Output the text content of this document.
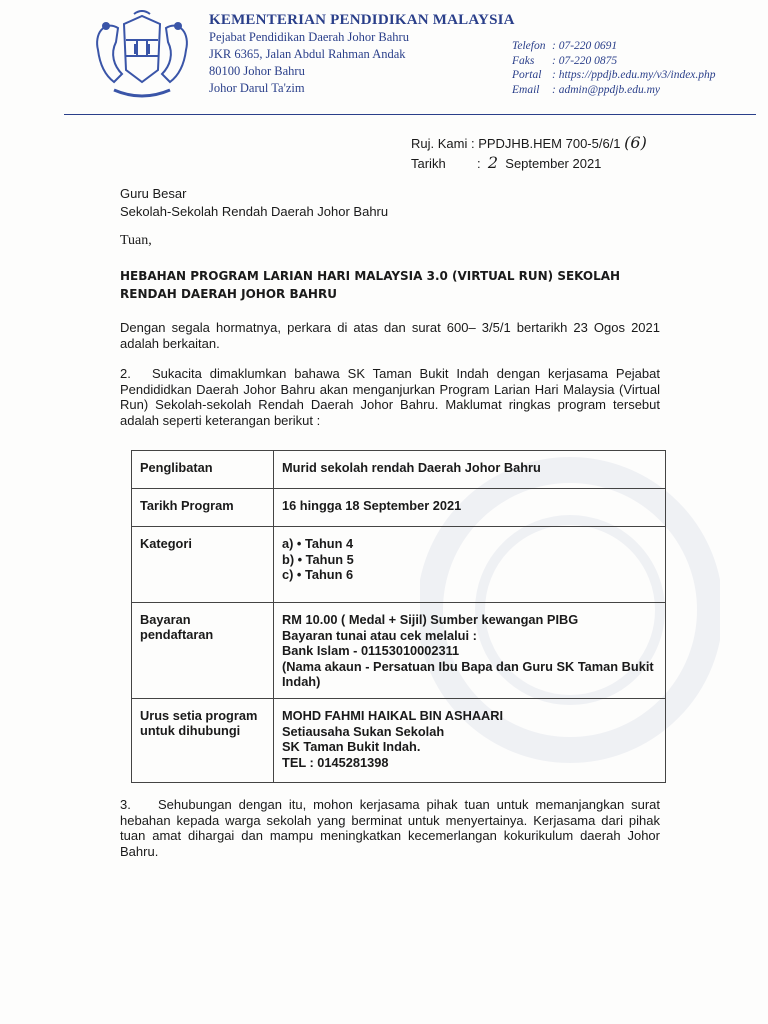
KEMENTERIAN PENDIDIKAN MALAYSIA
Pejabat Pendidikan Daerah Johor Bahru
JKR 6365, Jalan Abdul Rahman Andak
80100 Johor Bahru
Johor Darul Ta'zim
Telefon : 07-220 0691
Faks : 07-220 0875
Portal : https://ppdjb.edu.my/v3/index.php
Email : admin@ppdjb.edu.my
Ruj. Kami : PPDJHB.HEM 700-5/6/1 (6)
Tarikh : 2 September 2021
Guru Besar
Sekolah-Sekolah Rendah Daerah Johor Bahru
Tuan,
HEBAHAN PROGRAM LARIAN HARI MALAYSIA 3.0 (VIRTUAL RUN) SEKOLAH RENDAH DAERAH JOHOR BAHRU
Dengan segala hormatnya, perkara di atas dan surat 600– 3/5/1 bertarikh 23 Ogos 2021 adalah berkaitan.
2. Sukacita dimaklumkan bahawa SK Taman Bukit Indah dengan kerjasama Pejabat Pendididkan Daerah Johor Bahru akan menganjurkan Program Larian Hari Malaysia (Virtual Run) Sekolah-sekolah Rendah Daerah Johor Bahru. Maklumat ringkas program tersebut adalah seperti keterangan berikut :
Penglibatan	Murid sekolah rendah Daerah Johor Bahru
Tarikh Program	16 hingga 18 September 2021
Kategori	a) • Tahun 4
b) • Tahun 5
c) • Tahun 6

Bayaran pendaftaran	RM 10.00 ( Medal + Sijil) Sumber kewangan PIBG
Bayaran tunai atau cek melalui :
Bank Islam - 01153010002311
(Nama akaun - Persatuan Ibu Bapa dan Guru SK Taman Bukit Indah)

Urus setia program untuk dihubungi	MOHD FAHMI HAIKAL BIN ASHAARI
Setiausaha Sukan Sekolah
SK Taman Bukit Indah.
TEL : 0145281398
3. Sehubungan dengan itu, mohon kerjasama pihak tuan untuk memanjangkan surat hebahan kepada warga sekolah yang berminat untuk menyertainya. Kerjasama dari pihak tuan amat dihargai dan mampu meningkatkan kecemerlangan kokurikulum daerah Johor Bahru.
